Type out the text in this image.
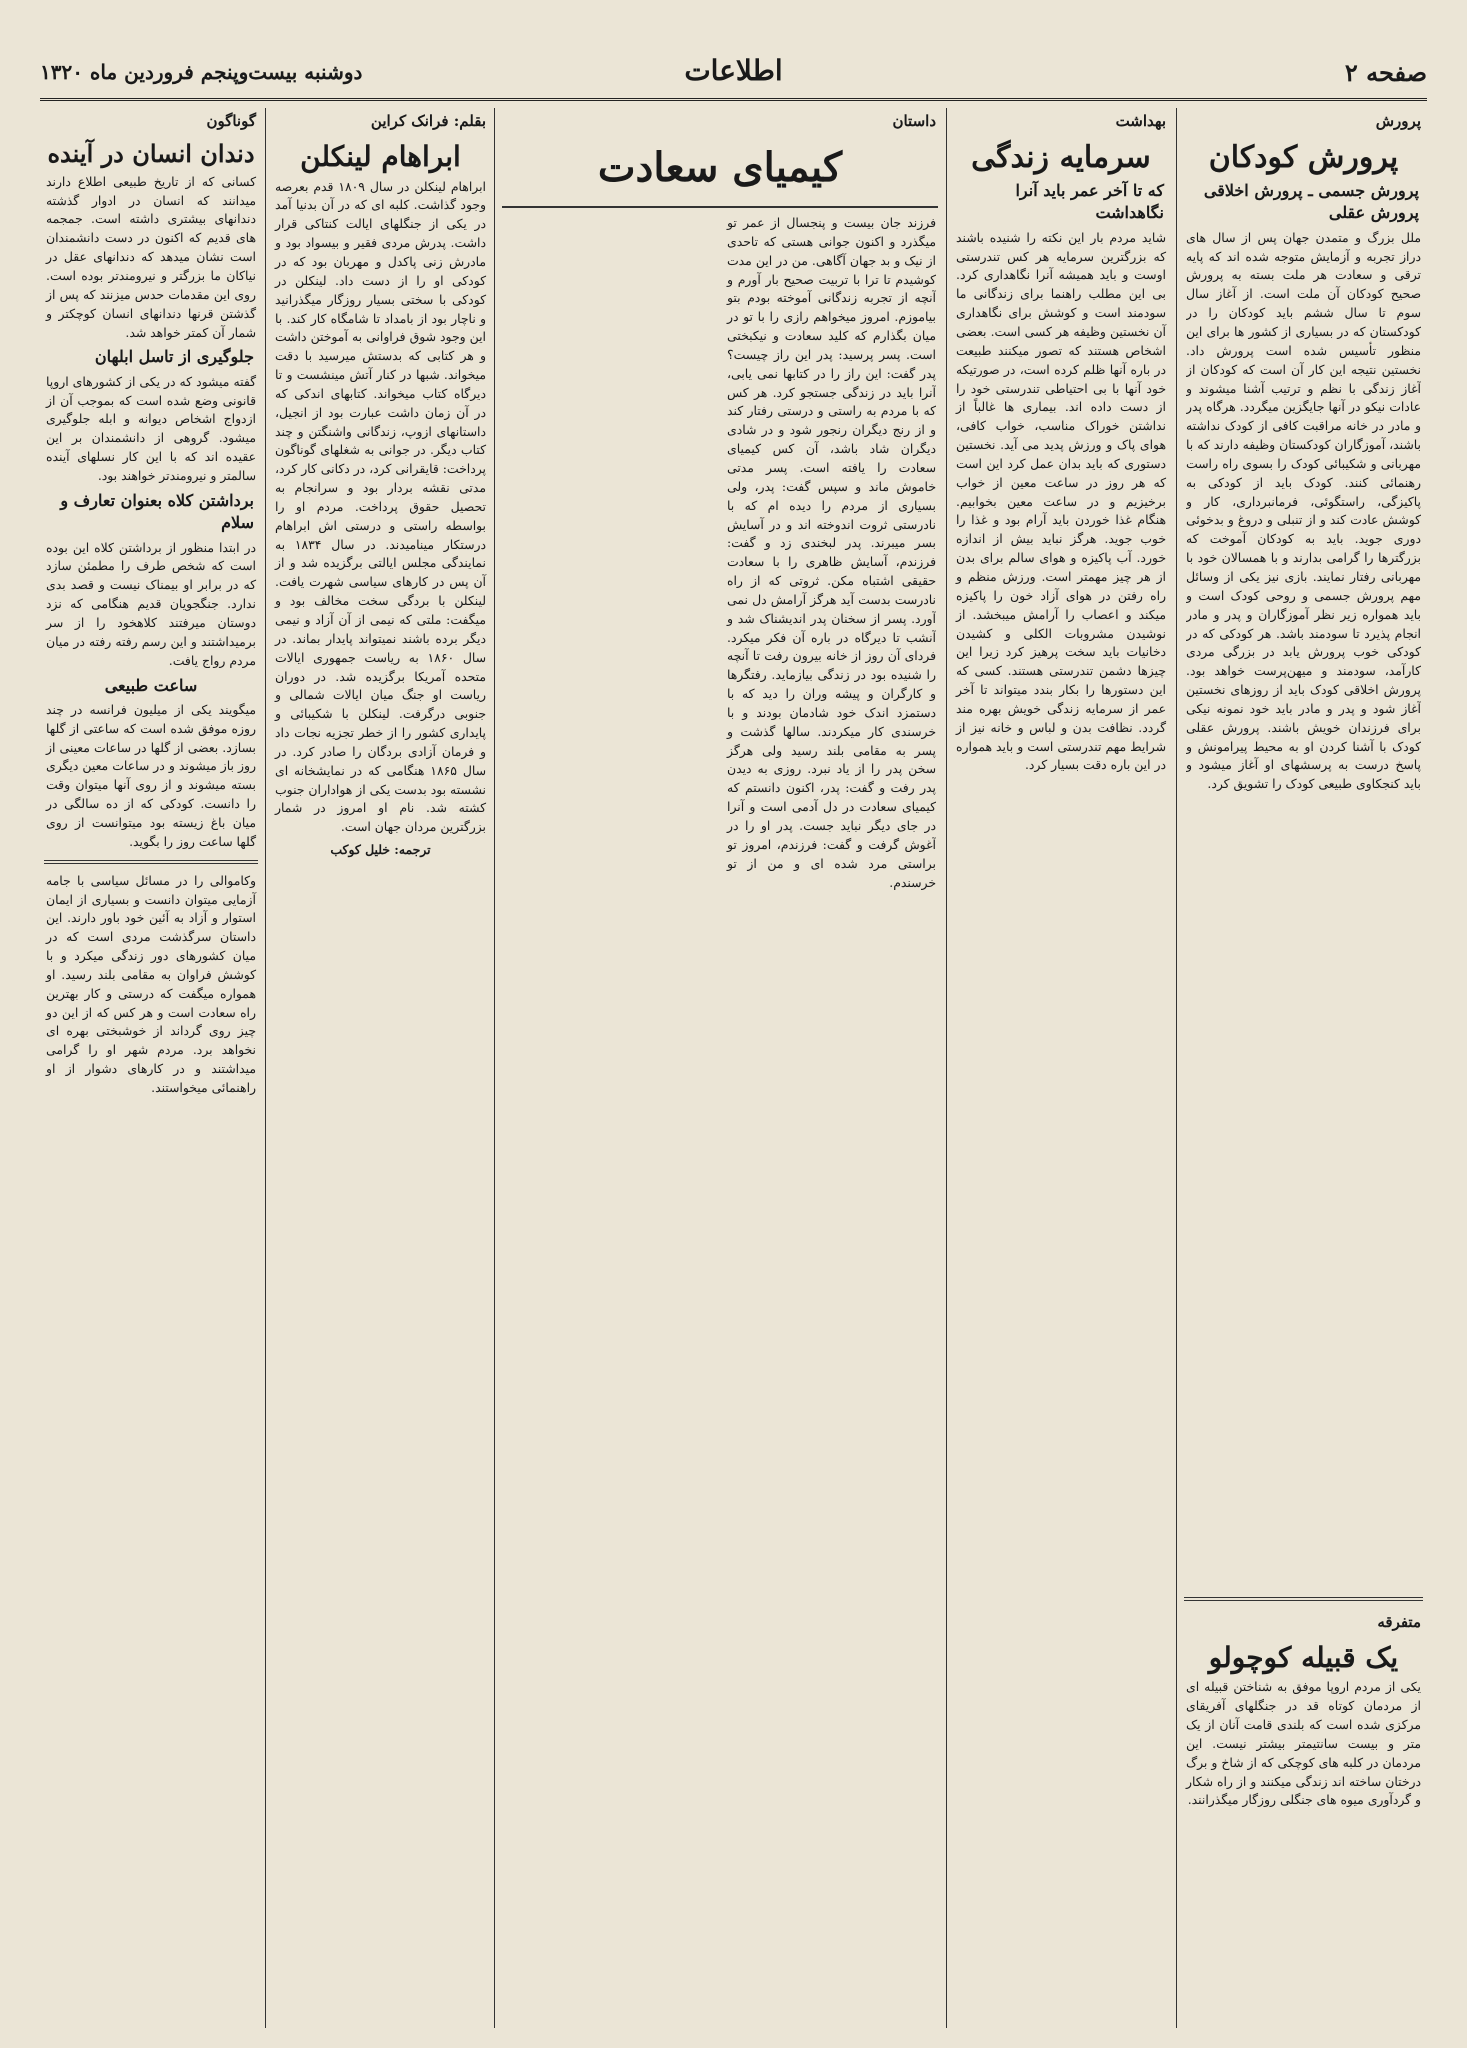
صفحه ۲
اطلاعات
دوشنبه بیست‌وپنجم فروردین ماه ۱۳۲۰
پرورش
پرورش کودکان
پرورش جسمی ـ پرورش اخلاقی پرورش عقلی
ملل بزرگ و متمدن جهان پس از سال های دراز تجربه و آزمایش متوجه شده اند که پایه ترقی و سعادت هر ملت بسته به پرورش صحیح کودکان آن ملت است. از آغاز سال سوم تا سال ششم باید کودکان را در کودکستان که در بسیاری از کشور ها برای این منظور تأسیس شده است پرورش داد. نخستین نتیجه این کار آن است که کودکان از آغاز زندگی با نظم و ترتیب آشنا میشوند و عادات نیکو در آنها جایگزین میگردد. هرگاه پدر و مادر در خانه مراقبت کافی از کودک نداشته باشند، آموزگاران کودکستان وظیفه دارند که با مهربانی و شکیبائی کودک را بسوی راه راست رهنمائی کنند. کودک باید از کودکی به پاکیزگی، راستگوئی، فرمانبرداری، کار و کوشش عادت کند و از تنبلی و دروغ و بدخوئی دوری جوید. باید به کودکان آموخت که بزرگترها را گرامی بدارند و با همسالان خود با مهربانی رفتار نمایند. بازی نیز یکی از وسائل مهم پرورش جسمی و روحی کودک است و باید همواره زیر نظر آموزگاران و پدر و مادر انجام پذیرد تا سودمند باشد. هر کودکی که در کودکی خوب پرورش یابد در بزرگی مردی کارآمد، سودمند و میهن‌پرست خواهد بود. پرورش اخلاقی کودک باید از روزهای نخستین آغاز شود و پدر و مادر باید خود نمونه نیکی برای فرزندان خویش باشند. پرورش عقلی کودک با آشنا کردن او به محیط پیرامونش و پاسخ درست به پرسشهای او آغاز میشود و باید کنجکاوی طبیعی کودک را تشویق کرد.
متفرقه
یک قبیله کوچولو
یکی از مردم اروپا موفق به شناختن قبیله ای از مردمان کوتاه قد در جنگلهای آفریقای مرکزی شده است که بلندی قامت آنان از یک متر و بیست سانتیمتر بیشتر نیست. این مردمان در کلبه های کوچکی که از شاخ و برگ درختان ساخته اند زندگی میکنند و از راه شکار و گردآوری میوه های جنگلی روزگار میگذرانند.
بهداشت
سرمایه زندگی
که تا آخر عمر باید آنرا نگاهداشت
شاید مردم بار این نکته را شنیده باشند که بزرگترین سرمایه هر کس تندرستی اوست و باید همیشه آنرا نگاهداری کرد. بی این مطلب راهنما برای زندگانی ما سودمند است و کوشش برای نگاهداری آن نخستین وظیفه هر کسی است. بعضی اشخاص هستند که تصور میکنند طبیعت در باره آنها ظلم کرده است، در صورتیکه خود آنها با بی احتیاطی تندرستی خود را از دست داده اند. بیماری ها غالباً از نداشتن خوراک مناسب، خواب کافی، هوای پاک و ورزش پدید می آید. نخستین دستوری که باید بدان عمل کرد این است که هر روز در ساعت معین از خواب برخیزیم و در ساعت معین بخوابیم. هنگام غذا خوردن باید آرام بود و غذا را خوب جوید. هرگز نباید بیش از اندازه خورد. آب پاکیزه و هوای سالم برای بدن از هر چیز مهمتر است. ورزش منظم و راه رفتن در هوای آزاد خون را پاکیزه میکند و اعصاب را آرامش میبخشد. از نوشیدن مشروبات الکلی و کشیدن دخانیات باید سخت پرهیز کرد زیرا این چیزها دشمن تندرستی هستند. کسی که این دستورها را بکار بندد میتواند تا آخر عمر از سرمایه زندگی خویش بهره مند گردد. نظافت بدن و لباس و خانه نیز از شرایط مهم تندرستی است و باید همواره در این باره دقت بسیار کرد.
داستان
کیمیای سعادت
فرزند جان بیست و پنجسال از عمر تو میگذرد و اکنون جوانی هستی که تاحدی از نیک و بد جهان آگاهی. من در این مدت کوشیدم تا ترا با تربیت صحیح بار آورم و آنچه از تجربه زندگانی آموخته بودم بتو بیاموزم. امروز میخواهم رازی را با تو در میان بگذارم که کلید سعادت و نیکبختی است. پسر پرسید: پدر این راز چیست؟ پدر گفت: این راز را در کتابها نمی یابی، آنرا باید در زندگی جستجو کرد. هر کس که با مردم به راستی و درستی رفتار کند و از رنج دیگران رنجور شود و در شادی دیگران شاد باشد، آن کس کیمیای سعادت را یافته است. پسر مدتی خاموش ماند و سپس گفت: پدر، ولی بسیاری از مردم را دیده ام که با نادرستی ثروت اندوخته اند و در آسایش بسر میبرند. پدر لبخندی زد و گفت: فرزندم، آسایش ظاهری را با سعادت حقیقی اشتباه مکن. ثروتی که از راه نادرست بدست آید هرگز آرامش دل نمی آورد. پسر از سخنان پدر اندیشناک شد و آنشب تا دیرگاه در باره آن فکر میکرد. فردای آن روز از خانه بیرون رفت تا آنچه را شنیده بود در زندگی بیازماید. رفتگرها و کارگران و پیشه وران را دید که با دستمزد اندک خود شادمان بودند و با خرسندی کار میکردند. سالها گذشت و پسر به مقامی بلند رسید ولی هرگز سخن پدر را از یاد نبرد. روزی به دیدن پدر رفت و گفت: پدر، اکنون دانستم که کیمیای سعادت در دل آدمی است و آنرا در جای دیگر نباید جست. پدر او را در آغوش گرفت و گفت: فرزندم، امروز تو براستی مرد شده ای و من از تو خرسندم.
بقلم: فرانک کراین
ابراهام لینکلن
ابراهام لینکلن در سال ۱۸۰۹ قدم بعرصه وجود گذاشت. کلبه ای که در آن بدنیا آمد در یکی از جنگلهای ایالت کنتاکی قرار داشت. پدرش مردی فقیر و بیسواد بود و مادرش زنی پاکدل و مهربان بود که در کودکی او را از دست داد. لینکلن در کودکی با سختی بسیار روزگار میگذرانید و ناچار بود از بامداد تا شامگاه کار کند. با این وجود شوق فراوانی به آموختن داشت و هر کتابی که بدستش میرسید با دقت میخواند. شبها در کنار آتش مینشست و تا دیرگاه کتاب میخواند. کتابهای اندکی که در آن زمان داشت عبارت بود از انجیل، داستانهای ازوپ، زندگانی واشنگتن و چند کتاب دیگر. در جوانی به شغلهای گوناگون پرداخت: قایقرانی کرد، در دکانی کار کرد، مدتی نقشه بردار بود و سرانجام به تحصیل حقوق پرداخت. مردم او را بواسطه راستی و درستی اش ابراهام درستکار مینامیدند. در سال ۱۸۳۴ به نمایندگی مجلس ایالتی برگزیده شد و از آن پس در کارهای سیاسی شهرت یافت. لینکلن با بردگی سخت مخالف بود و میگفت: ملتی که نیمی از آن آزاد و نیمی دیگر برده باشند نمیتواند پایدار بماند. در سال ۱۸۶۰ به ریاست جمهوری ایالات متحده آمریکا برگزیده شد. در دوران ریاست او جنگ میان ایالات شمالی و جنوبی درگرفت. لینکلن با شکیبائی و پایداری کشور را از خطر تجزیه نجات داد و فرمان آزادی بردگان را صادر کرد. در سال ۱۸۶۵ هنگامی که در نمایشخانه ای نشسته بود بدست یکی از هواداران جنوب کشته شد. نام او امروز در شمار بزرگترین مردان جهان است.
ترجمه: خلیل کوکب
گوناگون
دندان انسان در آینده
کسانی که از تاریخ طبیعی اطلاع دارند میدانند که انسان در ادوار گذشته دندانهای بیشتری داشته است. جمجمه های قدیم که اکنون در دست دانشمندان است نشان میدهد که دندانهای عقل در نیاکان ما بزرگتر و نیرومندتر بوده است. روی این مقدمات حدس میزنند که پس از گذشتن قرنها دندانهای انسان کوچکتر و شمار آن کمتر خواهد شد.
جلوگیری از تاسل ابلهان
گفته میشود که در یکی از کشورهای اروپا قانونی وضع شده است که بموجب آن از ازدواج اشخاص دیوانه و ابله جلوگیری میشود. گروهی از دانشمندان بر این عقیده اند که با این کار نسلهای آینده سالمتر و نیرومندتر خواهند بود.
برداشتن کلاه بعنوان تعارف و سلام
در ابتدا منظور از برداشتن کلاه این بوده است که شخص طرف را مطمئن سازد که در برابر او بیمناک نیست و قصد بدی ندارد. جنگجویان قدیم هنگامی که نزد دوستان میرفتند کلاهخود را از سر برمیداشتند و این رسم رفته رفته در میان مردم رواج یافت.
ساعت طبیعی
میگویند یکی از میلیون فرانسه در چند روزه موفق شده است که ساعتی از گلها بسازد. بعضی از گلها در ساعات معینی از روز باز میشوند و در ساعات معین دیگری بسته میشوند و از روی آنها میتوان وقت را دانست. کودکی که از ده سالگی در میان باغ زیسته بود میتوانست از روی گلها ساعت روز را بگوید.
وکاموالی را در مسائل سیاسی با جامه آزمایی میتوان دانست و بسیاری از ایمان استوار و آزاد به آئین خود باور دارند. این داستان سرگذشت مردی است که در میان کشورهای دور زندگی میکرد و با کوشش فراوان به مقامی بلند رسید. او همواره میگفت که درستی و کار بهترین راه سعادت است و هر کس که از این دو چیز روی گرداند از خوشبختی بهره ای نخواهد برد. مردم شهر او را گرامی میداشتند و در کارهای دشوار از او راهنمائی میخواستند.
